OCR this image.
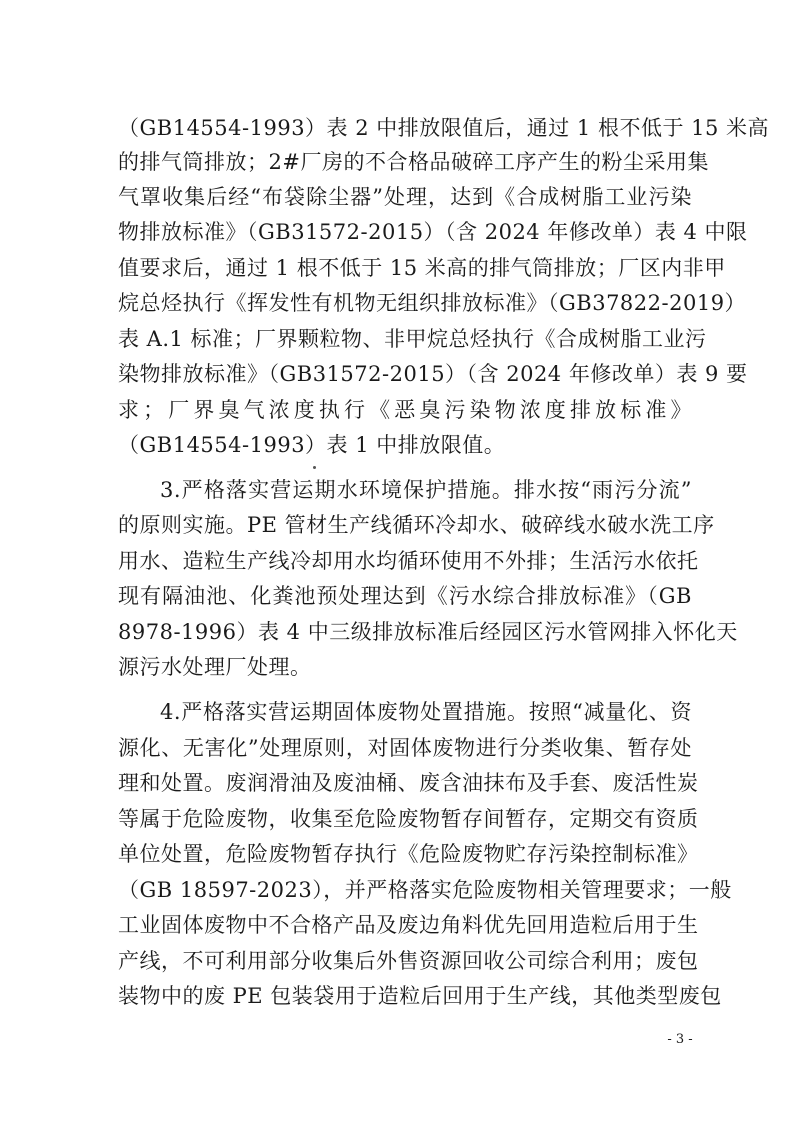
（GB14554-1993）表 2 中排放限值后，通过 1 根不低于 15 米高
的排气筒排放；2#厂房的不合格品破碎工序产生的粉尘采用集
气罩收集后经“布袋除尘器”处理，达到《合成树脂工业污染
物排放标准》（GB31572-2015）（含 2024 年修改单）表 4 中限
值要求后，通过 1 根不低于 15 米高的排气筒排放；厂区内非甲
烷总烃执行《挥发性有机物无组织排放标准》（GB37822-2019）
表 A.1 标准；厂界颗粒物、非甲烷总烃执行《合成树脂工业污
染物排放标准》（GB31572-2015）（含 2024 年修改单）表 9 要
求；厂界臭气浓度执行《恶臭污染物浓度排放标准》
（GB14554-1993）表 1 中排放限值。
3.严格落实营运期水环境保护措施。排水按“雨污分流”
的原则实施。PE 管材生产线循环冷却水、破碎线水破水洗工序
用水、造粒生产线冷却用水均循环使用不外排；生活污水依托
现有隔油池、化粪池预处理达到《污水综合排放标准》（GB
8978-1996）表 4 中三级排放标准后经园区污水管网排入怀化天
源污水处理厂处理。
4.严格落实营运期固体废物处置措施。按照“减量化、资
源化、无害化”处理原则，对固体废物进行分类收集、暂存处
理和处置。废润滑油及废油桶、废含油抹布及手套、废活性炭
等属于危险废物，收集至危险废物暂存间暂存，定期交有资质
单位处置，危险废物暂存执行《危险废物贮存污染控制标准》
（GB 18597-2023），并严格落实危险废物相关管理要求；一般
工业固体废物中不合格产品及废边角料优先回用造粒后用于生
产线，不可利用部分收集后外售资源回收公司综合利用；废包
装物中的废 PE 包装袋用于造粒后回用于生产线，其他类型废包
- 3 -
